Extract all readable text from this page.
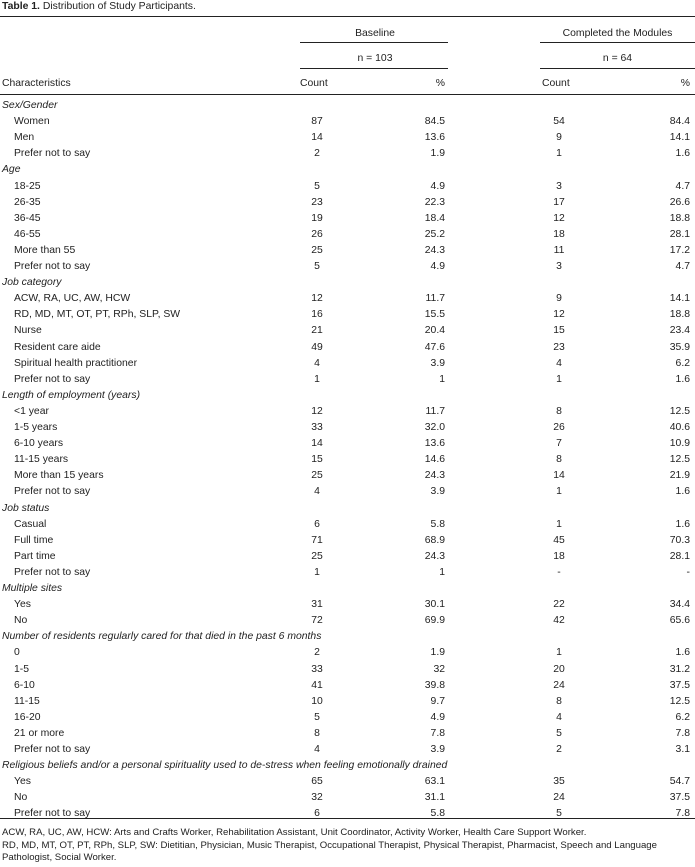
Table 1. Distribution of Study Participants.
Baseline	Completed the Modules
n = 103	n = 64
Characteristics	Count	%	Count	%
Sex/Gender
Women	87	84.5	54	84.4
Men	14	13.6	9	14.1
Prefer not to say	2	1.9	1	1.6
Age
18-25	5	4.9	3	4.7
26-35	23	22.3	17	26.6
36-45	19	18.4	12	18.8
46-55	26	25.2	18	28.1
More than 55	25	24.3	11	17.2
Prefer not to say	5	4.9	3	4.7
Job category
ACW, RA, UC, AW, HCW	12	11.7	9	14.1
RD, MD, MT, OT, PT, RPh, SLP, SW	16	15.5	12	18.8
Nurse	21	20.4	15	23.4
Resident care aide	49	47.6	23	35.9
Spiritual health practitioner	4	3.9	4	6.2
Prefer not to say	1	1	1	1.6
Length of employment (years)
<1 year	12	11.7	8	12.5
1-5 years	33	32.0	26	40.6
6-10 years	14	13.6	7	10.9
11-15 years	15	14.6	8	12.5
More than 15 years	25	24.3	14	21.9
Prefer not to say	4	3.9	1	1.6
Job status
Casual	6	5.8	1	1.6
Full time	71	68.9	45	70.3
Part time	25	24.3	18	28.1
Prefer not to say	1	1	-	-
Multiple sites
Yes	31	30.1	22	34.4
No	72	69.9	42	65.6
Number of residents regularly cared for that died in the past 6 months
0	2	1.9	1	1.6
1-5	33	32	20	31.2
6-10	41	39.8	24	37.5
11-15	10	9.7	8	12.5
16-20	5	4.9	4	6.2
21 or more	8	7.8	5	7.8
Prefer not to say	4	3.9	2	3.1
Religious beliefs and/or a personal spirituality used to de-stress when feeling emotionally drained
Yes	65	63.1	35	54.7
No	32	31.1	24	37.5
Prefer not to say	6	5.8	5	7.8
ACW, RA, UC, AW, HCW: Arts and Crafts Worker, Rehabilitation Assistant, Unit Coordinator, Activity Worker, Health Care Support Worker.
RD, MD, MT, OT, PT, RPh, SLP, SW: Dietitian, Physician, Music Therapist, Occupational Therapist, Physical Therapist, Pharmacist, Speech and Language Pathologist, Social Worker.
